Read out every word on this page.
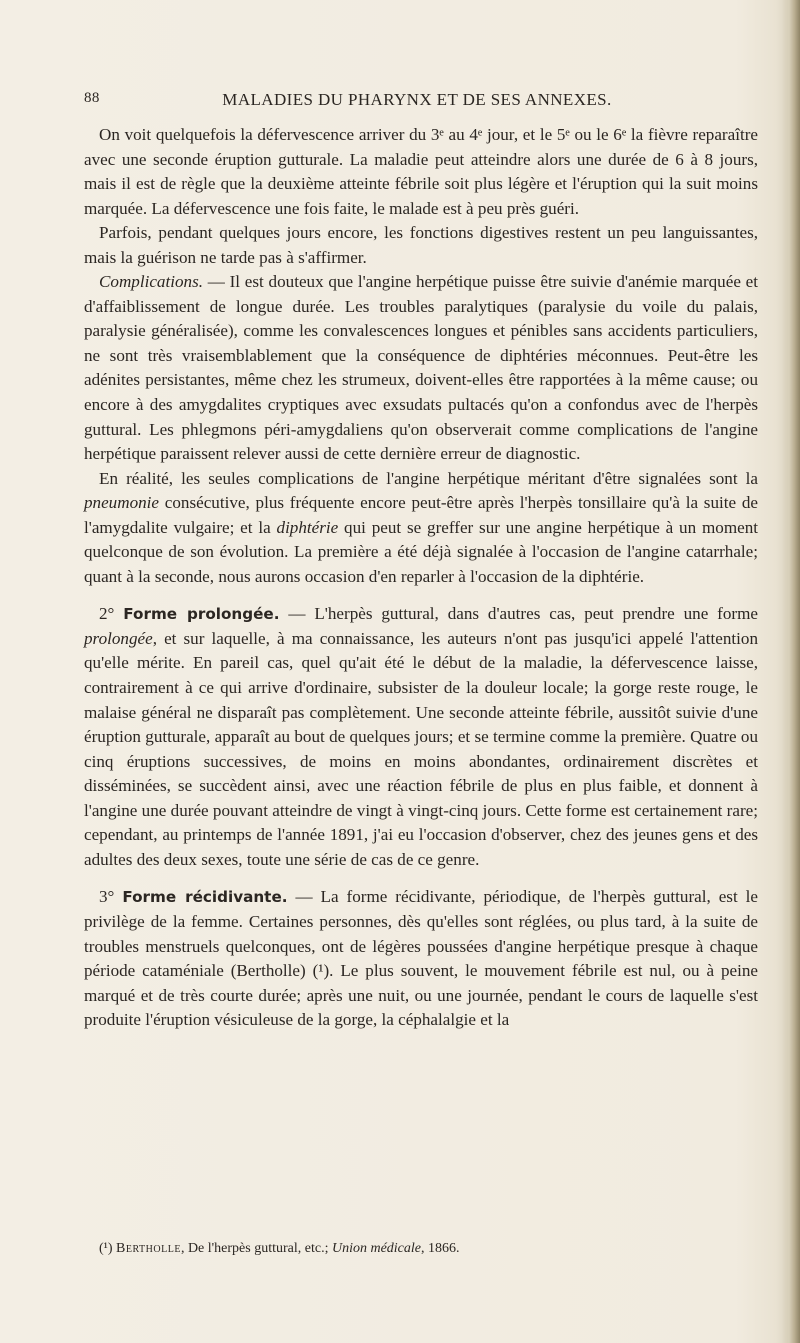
88	MALADIES DU PHARYNX ET DE SES ANNEXES.

On voit quelquefois la défervescence arriver du 3ᵉ au 4ᵉ jour, et le 5ᵉ ou le 6ᵉ la fièvre reparaître avec une seconde éruption gutturale. La maladie peut atteindre alors une durée de 6 à 8 jours, mais il est de règle que la deuxième atteinte fébrile soit plus légère et l'éruption qui la suit moins marquée. La défervescence une fois faite, le malade est à peu près guéri.

Parfois, pendant quelques jours encore, les fonctions digestives restent un peu languissantes, mais la guérison ne tarde pas à s'affirmer.

Complications. — Il est douteux que l'angine herpétique puisse être suivie d'anémie marquée et d'affaiblissement de longue durée. Les troubles paralytiques (paralysie du voile du palais, paralysie généralisée), comme les convalescences longues et pénibles sans accidents particuliers, ne sont très vraisemblablement que la conséquence de diphtéries méconnues. Peut-être les adénites persistantes, même chez les strumeux, doivent-elles être rapportées à la même cause; ou encore à des amygdalites cryptiques avec exsudats pultacés qu'on a confondus avec de l'herpès guttural. Les phlegmons péri-amygdaliens qu'on observerait comme complications de l'angine herpétique paraissent relever aussi de cette dernière erreur de diagnostic.

En réalité, les seules complications de l'angine herpétique méritant d'être signalées sont la pneumonie consécutive, plus fréquente encore peut-être après l'herpès tonsillaire qu'à la suite de l'amygdalite vulgaire; et la diphtérie qui peut se greffer sur une angine herpétique à un moment quelconque de son évolution. La première a été déjà signalée à l'occasion de l'angine catarrhale; quant à la seconde, nous aurons occasion d'en reparler à l'occasion de la diphtérie.

2° Forme prolongée. — L'herpès guttural, dans d'autres cas, peut prendre une forme prolongée, et sur laquelle, à ma connaissance, les auteurs n'ont pas jusqu'ici appelé l'attention qu'elle mérite. En pareil cas, quel qu'ait été le début de la maladie, la défervescence laisse, contrairement à ce qui arrive d'ordinaire, subsister de la douleur locale; la gorge reste rouge, le malaise général ne disparaît pas complètement. Une seconde atteinte fébrile, aussitôt suivie d'une éruption gutturale, apparaît au bout de quelques jours; et se termine comme la première. Quatre ou cinq éruptions successives, de moins en moins abondantes, ordinairement discrètes et disséminées, se succèdent ainsi, avec une réaction fébrile de plus en plus faible, et donnent à l'angine une durée pouvant atteindre de vingt à vingt-cinq jours. Cette forme est certainement rare; cependant, au printemps de l'année 1891, j'ai eu l'occasion d'observer, chez des jeunes gens et des adultes des deux sexes, toute une série de cas de ce genre.

3° Forme récidivante. — La forme récidivante, périodique, de l'herpès guttural, est le privilège de la femme. Certaines personnes, dès qu'elles sont réglées, ou plus tard, à la suite de troubles menstruels quelconques, ont de légères poussées d'angine herpétique presque à chaque période cataméniale (Bertholle) (¹). Le plus souvent, le mouvement fébrile est nul, ou à peine marqué et de très courte durée; après une nuit, ou une journée, pendant le cours de laquelle s'est produite l'éruption vésiculeuse de la gorge, la céphalalgie et la

(¹) Bertholle, De l'herpès guttural, etc.; Union médicale, 1866.
